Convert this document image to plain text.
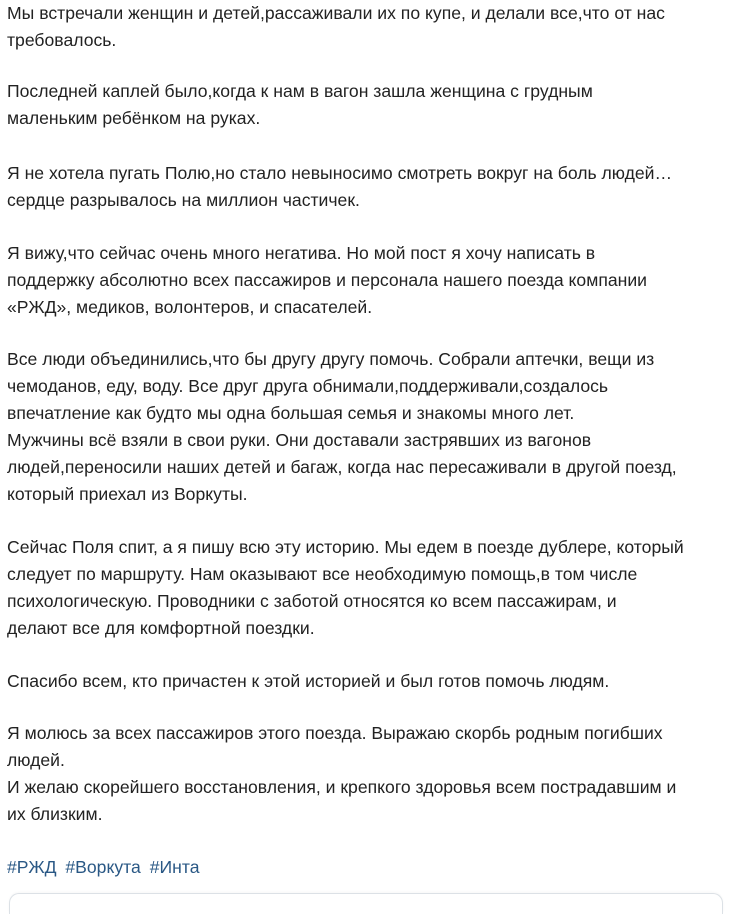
Мы встречали женщин и детей,рассаживали их по купе, и делали все,что от нас
требовалось.

Последней каплей было,когда к нам в вагон зашла женщина с грудным
маленьким ребёнком на руках.

Я не хотела пугать Полю,но стало невыносимо смотреть вокруг на боль людей…
сердце разрывалось на миллион частичек.

Я вижу,что сейчас очень много негатива. Но мой пост я хочу написать в
поддержку абсолютно всех пассажиров и персонала нашего поезда компании
«РЖД», медиков, волонтеров, и спасателей.

Все люди объединились,что бы другу другу помочь. Собрали аптечки, вещи из
чемоданов, еду, воду. Все друг друга обнимали,поддерживали,создалось
впечатление как будто мы одна большая семья и знакомы много лет.
Мужчины всё взяли в свои руки. Они доставали застрявших из вагонов
людей,переносили наших детей и багаж, когда нас пересаживали в другой поезд,
который приехал из Воркуты.

Сейчас Поля спит, а я пишу всю эту историю. Мы едем в поезде дублере, который
следует по маршруту. Нам оказывают все необходимую помощь,в том числе
психологическую. Проводники с заботой относятся ко всем пассажирам, и
делают все для комфортной поездки.

Спасибо всем, кто причастен к этой историей и был готов помочь людям.

Я молюсь за всех пассажиров этого поезда. Выражаю скорбь родным погибших
людей.
И желаю скорейшего восстановления, и крепкого здоровья всем пострадавшим и
их близким.

#РЖД #Воркута #Инта
